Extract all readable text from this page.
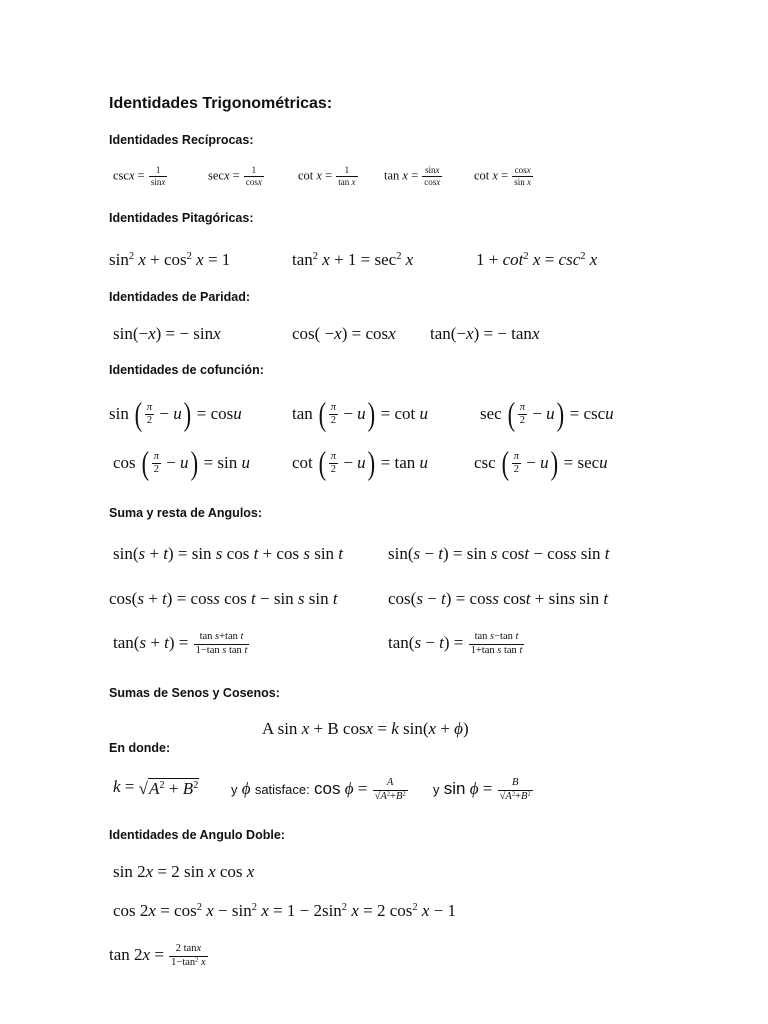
Identidades Trigonométricas:
Identidades Recíprocas:
$\csc x = \frac{1}{\sin x}$	$\sec x = \frac{1}{\cos x}$	$\cot x = \frac{1}{\text{tan x}}$ $\tan x = \frac{\sin x}{\cos x}$	$\cot x = \frac{\cos x}{\text{sin x}}$
Identidades Pitagóricas:
$\sin^2 x + \cos^2 x = 1$	$\tan^2 x + 1 = \sec^2 x$	$1 + \cot^2 x = \csc^2 x$
Identidades de Paridad:
sin(−x) = − sinx	cos( −x) = cosx tan(−x) = − tanx
Identidades de cofunción:
sin ( $\frac{\pi}{2} - u) = \cos u$	tan ( $\frac{\pi}{2} - u) = \cot u$	sec ( $\frac{\pi}{2} - u) = \csc u$
cos ( $\frac{\pi}{2} - u) = \sin u$ cot ( $\frac{\pi}{2} - u) = \tan u$	csc ( $\frac{\pi}{2} - u) = \sec u$
Suma y resta de Angulos:
sin(s + t) = sin s cos t + cos s sin t	sin(s − t) = sin s cost − coss sin t
cos(s + t) = coss cos t − sin s sin t	cos(s − t) = coss cost + sins sin t
$\tan(s + t) = \frac{\text{tan s+tan t}}{\text{1−tan s tan t}}$	$\tan(s - t) = \frac{\text{tan s−tan t}}{\text{1+tan s tan t}}$
Sumas de Senos y Cosenos:
A sin x + B cosx = k sin(x + ϕ)
En donde:
$k = √A^2 + B^2$	y ϕ satisface: $\cos \phi = \frac{A}{√A^2+B^2}$ y $\sin \phi = \frac{B}{√A^2+B^2}$
Identidades de Angulo Doble:
sin 2x = 2 sin x cos x
$\cos 2x = \cos^2 x - \sin^2 x = 1 - 2\sin^2$ x = 2 $\cos^2 x - 1$
$\tan 2x = \frac{2 \tan x}{1-\tan^2 x}$
